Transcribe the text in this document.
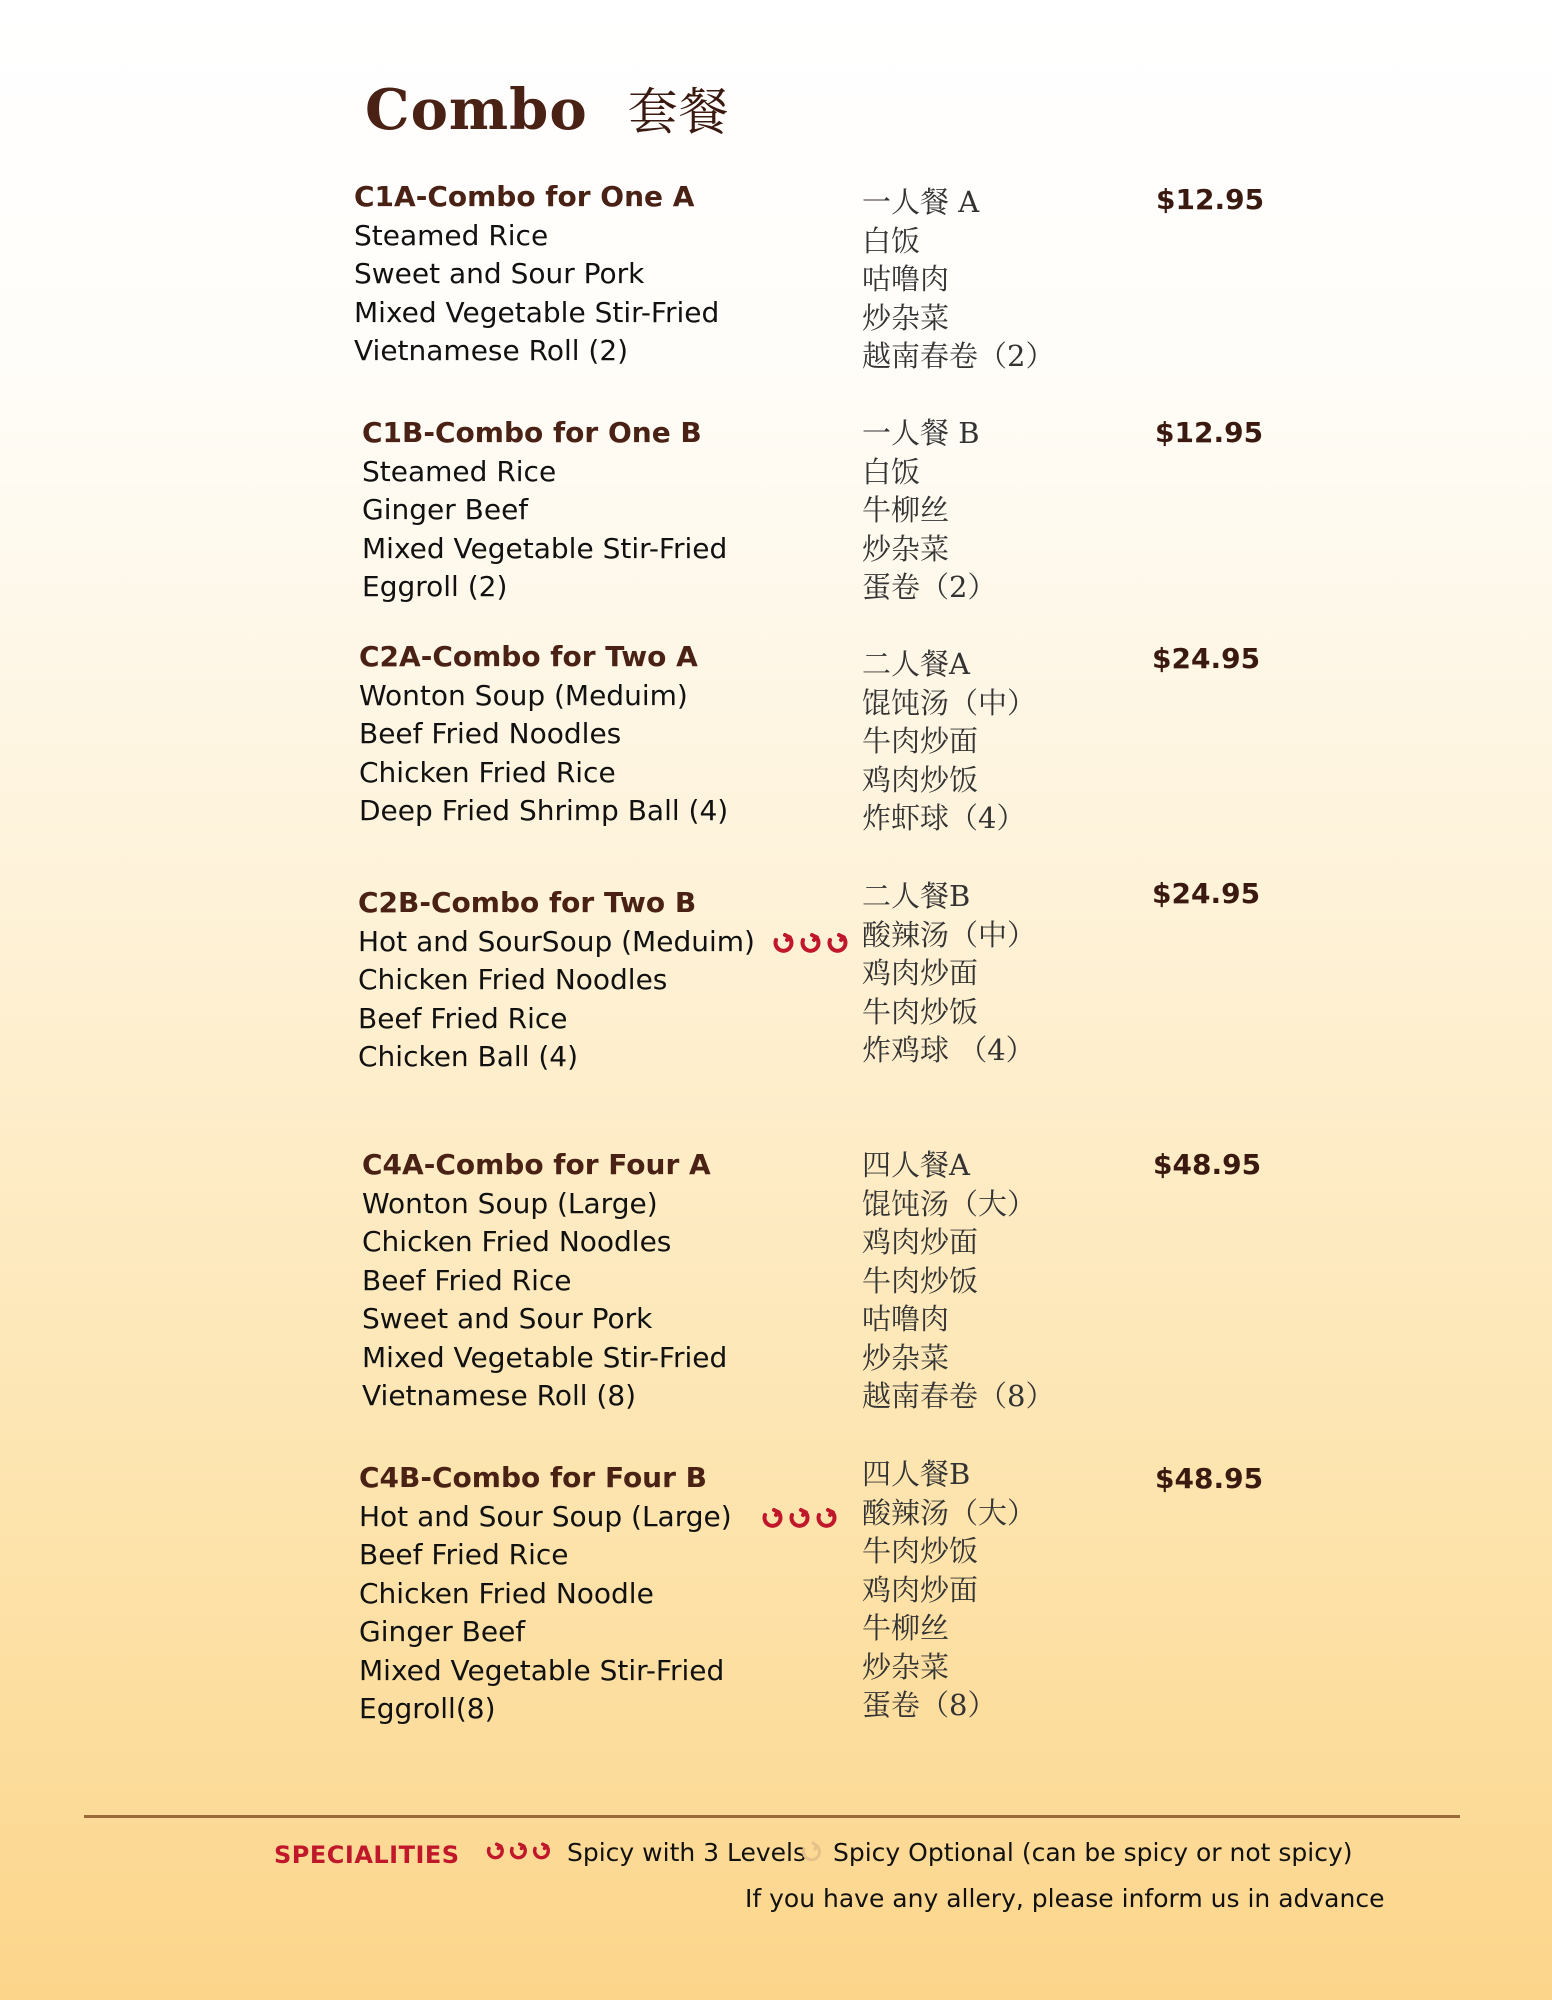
Combo 套餐
C1A-Combo for One A
Steamed Rice
Sweet and Sour Pork
Mixed Vegetable Stir-Fried
Vietnamese Roll (2)
一人餐 A
白饭
咕噜肉
炒杂菜
越南春卷（2）
$12.95
C1B-Combo for One B
Steamed Rice
Ginger Beef
Mixed Vegetable Stir-Fried
Eggroll (2)
一人餐 B
白饭
牛柳丝
炒杂菜
蛋卷（2）
$12.95
C2A-Combo for Two A
Wonton Soup (Meduim)
Beef Fried Noodles
Chicken Fried Rice
Deep Fried Shrimp Ball (4)
二人餐A
馄饨汤（中）
牛肉炒面
鸡肉炒饭
炸虾球（4）
$24.95
C2B-Combo for Two B
Hot and SourSoup (Meduim)
Chicken Fried Noodles
Beef Fried Rice
Chicken Ball (4)
二人餐B
酸辣汤（中）
鸡肉炒面
牛肉炒饭
炸鸡球 （4）
$24.95
C4A-Combo for Four A
Wonton Soup (Large)
Chicken Fried Noodles
Beef Fried Rice
Sweet and Sour Pork
Mixed Vegetable Stir-Fried
Vietnamese Roll (8)
四人餐A
馄饨汤（大）
鸡肉炒面
牛肉炒饭
咕噜肉
炒杂菜
越南春卷（8）
$48.95
C4B-Combo for Four B
Hot and Sour Soup (Large)
Beef Fried Rice
Chicken Fried Noodle
Ginger Beef
Mixed Vegetable Stir-Fried
Eggroll(8)
四人餐B
酸辣汤（大）
牛肉炒饭
鸡肉炒面
牛柳丝
炒杂菜
蛋卷（8）
$48.95
SPECIALITIES	Spicy with 3 Levels	Spicy Optional (can be spicy or not spicy)
If you have any allery, please inform us in advance
